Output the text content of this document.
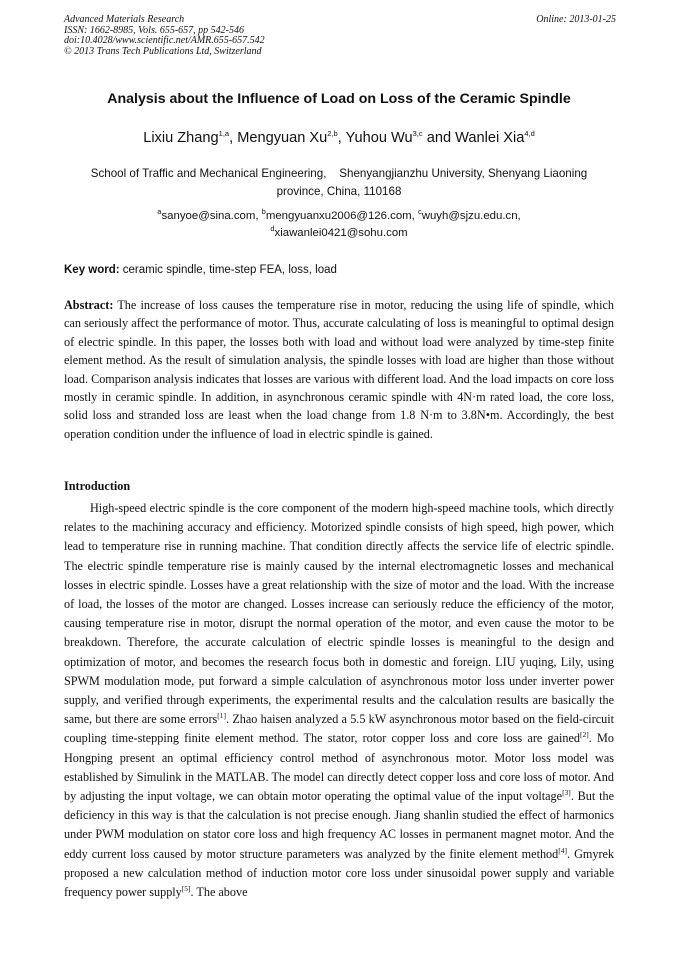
Advanced Materials Research
ISSN: 1662-8985, Vols. 655-657, pp 542-546
doi:10.4028/www.scientific.net/AMR.655-657.542
© 2013 Trans Tech Publications Ltd, Switzerland
Online: 2013-01-25
Analysis about the Influence of Load on Loss of the Ceramic Spindle
Lixiu Zhang$^{1,a}$, Mengyuan Xu$^{2,b}$, Yuhou Wu$^{3,c}$ and Wanlei Xia$^{4,d}$
School of Traffic and Mechanical Engineering,    Shenyangjianzhu University, Shenyang Liaoning
province, China, 110168
$^a$sanyoe@sina.com, $^b$mengyuanxu2006@126.com, $^c$wuyh@sjzu.edu.cn,
$^d$xiawanlei0421@sohu.com
Key word: ceramic spindle, time-step FEA, loss, load

Abstract: The increase of loss causes the temperature rise in motor, reducing the using life of spindle, which can seriously affect the performance of motor. Thus, accurate calculating of loss is meaningful to optimal design of electric spindle. In this paper, the losses both with load and without load were analyzed by time-step finite element method. As the result of simulation analysis, the spindle losses with load are higher than those without load. Comparison analysis indicates that losses are various with different load. And the load impacts on core loss mostly in ceramic spindle. In addition, in asynchronous ceramic spindle with 4N·m rated load, the core loss, solid loss and stranded loss are least when the load change from 1.8 N·m to 3.8N•m. Accordingly, the best operation condition under the influence of load in electric spindle is gained.

Introduction

High-speed electric spindle is the core component of the modern high-speed machine tools, which directly relates to the machining accuracy and efficiency. Motorized spindle consists of high speed, high power, which lead to temperature rise in running machine. That condition directly affects the service life of electric spindle. The electric spindle temperature rise is mainly caused by the internal electromagnetic losses and mechanical losses in electric spindle. Losses have a great relationship with the size of motor and the load. With the increase of load, the losses of the motor are changed. Losses increase can seriously reduce the efficiency of the motor, causing temperature rise in motor, disrupt the normal operation of the motor, and even cause the motor to be breakdown. Therefore, the accurate calculation of electric spindle losses is meaningful to the design and optimization of motor, and becomes the research focus both in domestic and foreign. LIU yuqing, Lily, using SPWM modulation mode, put forward a simple calculation of asynchronous motor loss under inverter power supply, and verified through experiments, the experimental results and the calculation results are basically the same, but there are some errors[1]. Zhao haisen analyzed a 5.5 kW asynchronous motor based on the field-circuit coupling time-stepping finite element method. The stator, rotor copper loss and core loss are gained[2]. Mo Hongping present an optimal efficiency control method of asynchronous motor. Motor loss model was established by Simulink in the MATLAB. The model can directly detect copper loss and core loss of motor. And by adjusting the input voltage, we can obtain motor operating the optimal value of the input voltage[3]. But the deficiency in this way is that the calculation is not precise enough. Jiang shanlin studied the effect of harmonics under PWM modulation on stator core loss and high frequency AC losses in permanent magnet motor. And the eddy current loss caused by motor structure parameters was analyzed by the finite element method[4]. Gmyrek proposed a new calculation method of induction motor core loss under sinusoidal power supply and variable frequency power supply[5]. The above
